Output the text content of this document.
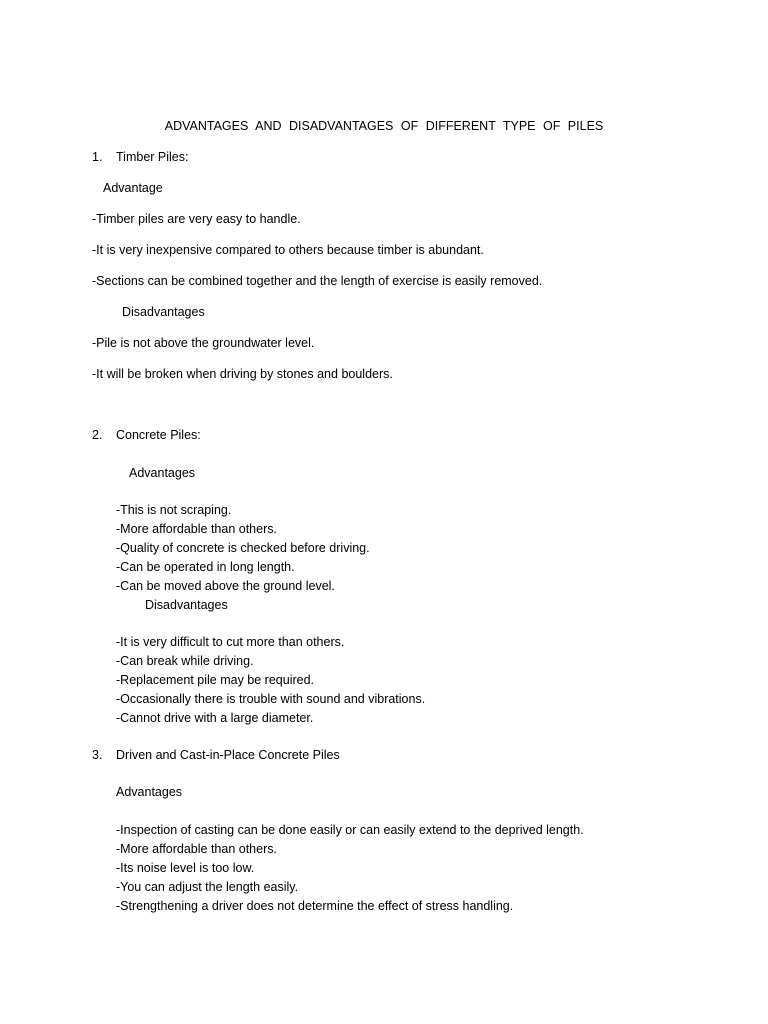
ADVANTAGES AND DISADVANTAGES OF DIFFERENT TYPE OF PILES
1. Timber Piles:
Advantage
-Timber piles are very easy to handle.
-It is very inexpensive compared to others because timber is abundant.
-Sections can be combined together and the length of exercise is easily removed.
Disadvantages
-Pile is not above the groundwater level.
-It will be broken when driving by stones and boulders.
2. Concrete Piles:
Advantages
-This is not scraping.
-More affordable than others.
-Quality of concrete is checked before driving.
-Can be operated in long length.
-Can be moved above the ground level.
Disadvantages
-It is very difficult to cut more than others.
-Can break while driving.
-Replacement pile may be required.
-Occasionally there is trouble with sound and vibrations.
-Cannot drive with a large diameter.
3. Driven and Cast-in-Place Concrete Piles
Advantages
-Inspection of casting can be done easily or can easily extend to the deprived length.
-More affordable than others.
-Its noise level is too low.
-You can adjust the length easily.
-Strengthening a driver does not determine the effect of stress handling.
